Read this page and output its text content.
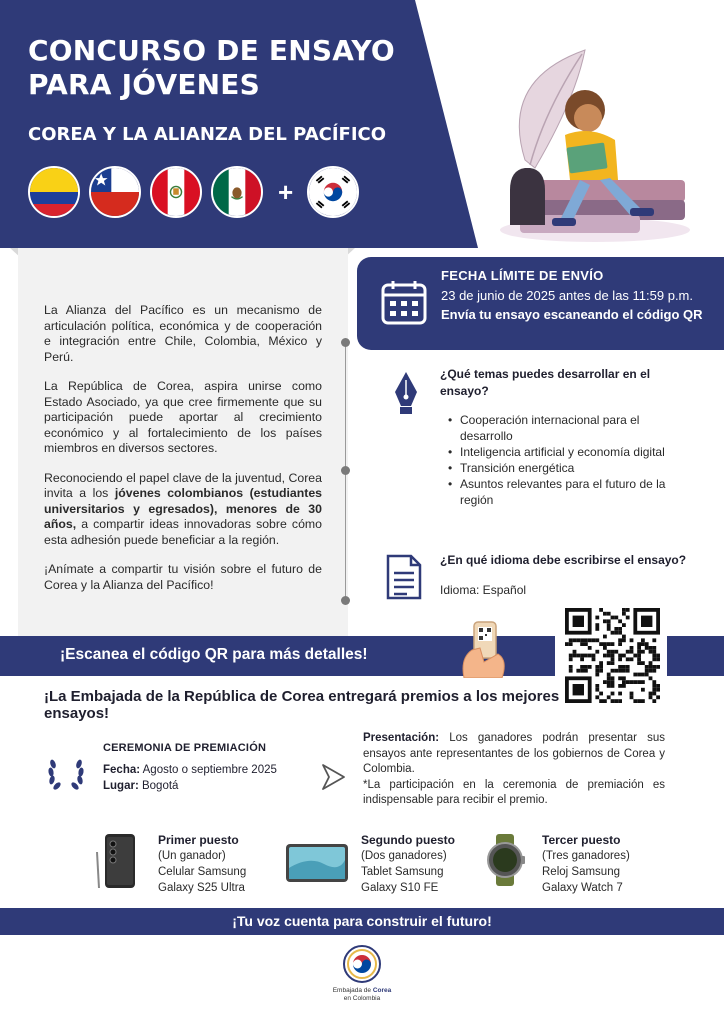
CONCURSO DE ENSAYO PARA JÓVENES
COREA Y LA ALIANZA DEL PACÍFICO
+

La Alianza del Pacífico es un mecanismo de articulación política, económica y de cooperación e integración entre Chile, Colombia, México y Perú.

La República de Corea, aspira unirse como Estado Asociado, ya que cree firmemente que su participación puede aportar al crecimiento económico y al fortalecimiento de los países miembros en diversos sectores.

Reconociendo el papel clave de la juventud, Corea invita a los jóvenes colombianos (estudiantes universitarios y egresados), menores de 30 años, a compartir ideas innovadoras sobre cómo esta adhesión puede beneficiar a la región.

¡Anímate a compartir tu visión sobre el futuro de Corea y la Alianza del Pacífico!

FECHA LÍMITE DE ENVÍO
23 de junio de 2025 antes de las 11:59 p.m. Envía tu ensayo escaneando el código QR
¿Qué temas puedes desarrollar en el ensayo?
• Cooperación internacional para el desarrollo
• Inteligencia artificial y economía digital
• Transición energética
• Asuntos relevantes para el futuro de la región
¿En qué idioma debe escribirse el ensayo?
Idioma: Español
¡Escanea el código QR para más detalles!
¡La Embajada de la República de Corea entregará premios a los mejores ensayos!
CEREMONIA DE PREMIACIÓN
Fecha: Agosto o septiembre 2025
Lugar: Bogotá
Presentación: Los ganadores podrán presentar sus ensayos ante representantes de los gobiernos de Corea y Colombia.
*La participación en la ceremonia de premiación es indispensable para recibir el premio.
Primer puesto
(Un ganador)
Celular Samsung
Galaxy S25 Ultra
Segundo puesto
(Dos ganadores)
Tablet Samsung
Galaxy S10 FE
Tercer puesto
(Tres ganadores)
Reloj Samsung
Galaxy Watch 7
¡Tu voz cuenta para construir el futuro!
Embajada de Corea
en Colombia
